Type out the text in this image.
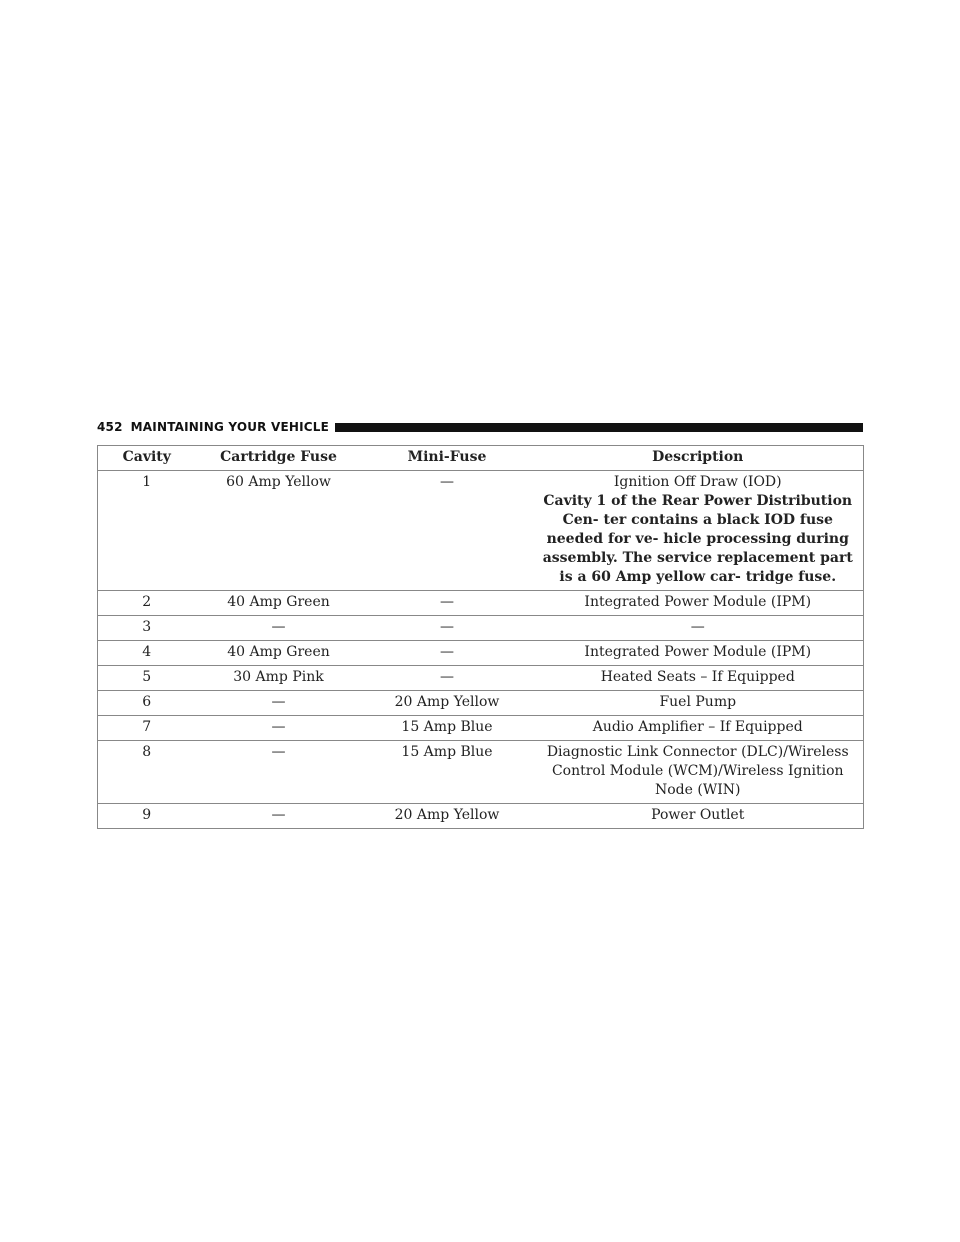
452 MAINTAINING YOUR VEHICLE
Cavity	Cartridge Fuse	Mini-Fuse	Description
1	60 Amp Yellow	—	Ignition Off Draw (IOD)
Cavity 1 of the Rear Power Distribution Cen- ter contains a black IOD fuse needed for ve- hicle processing during assembly. The service replacement part is a 60 Amp yellow car- tridge fuse.

2	40 Amp Green	—	Integrated Power Module (IPM)
3	—	—	—
4	40 Amp Green	—	Integrated Power Module (IPM)
5	30 Amp Pink	—	Heated Seats – If Equipped
6	—	20 Amp Yellow	Fuel Pump
7	—	15 Amp Blue	Audio Amplifier – If Equipped
8	—	15 Amp Blue	Diagnostic Link Connector (DLC)/Wireless Control Module (WCM)/Wireless Ignition Node (WIN)
9	—	20 Amp Yellow	Power Outlet
